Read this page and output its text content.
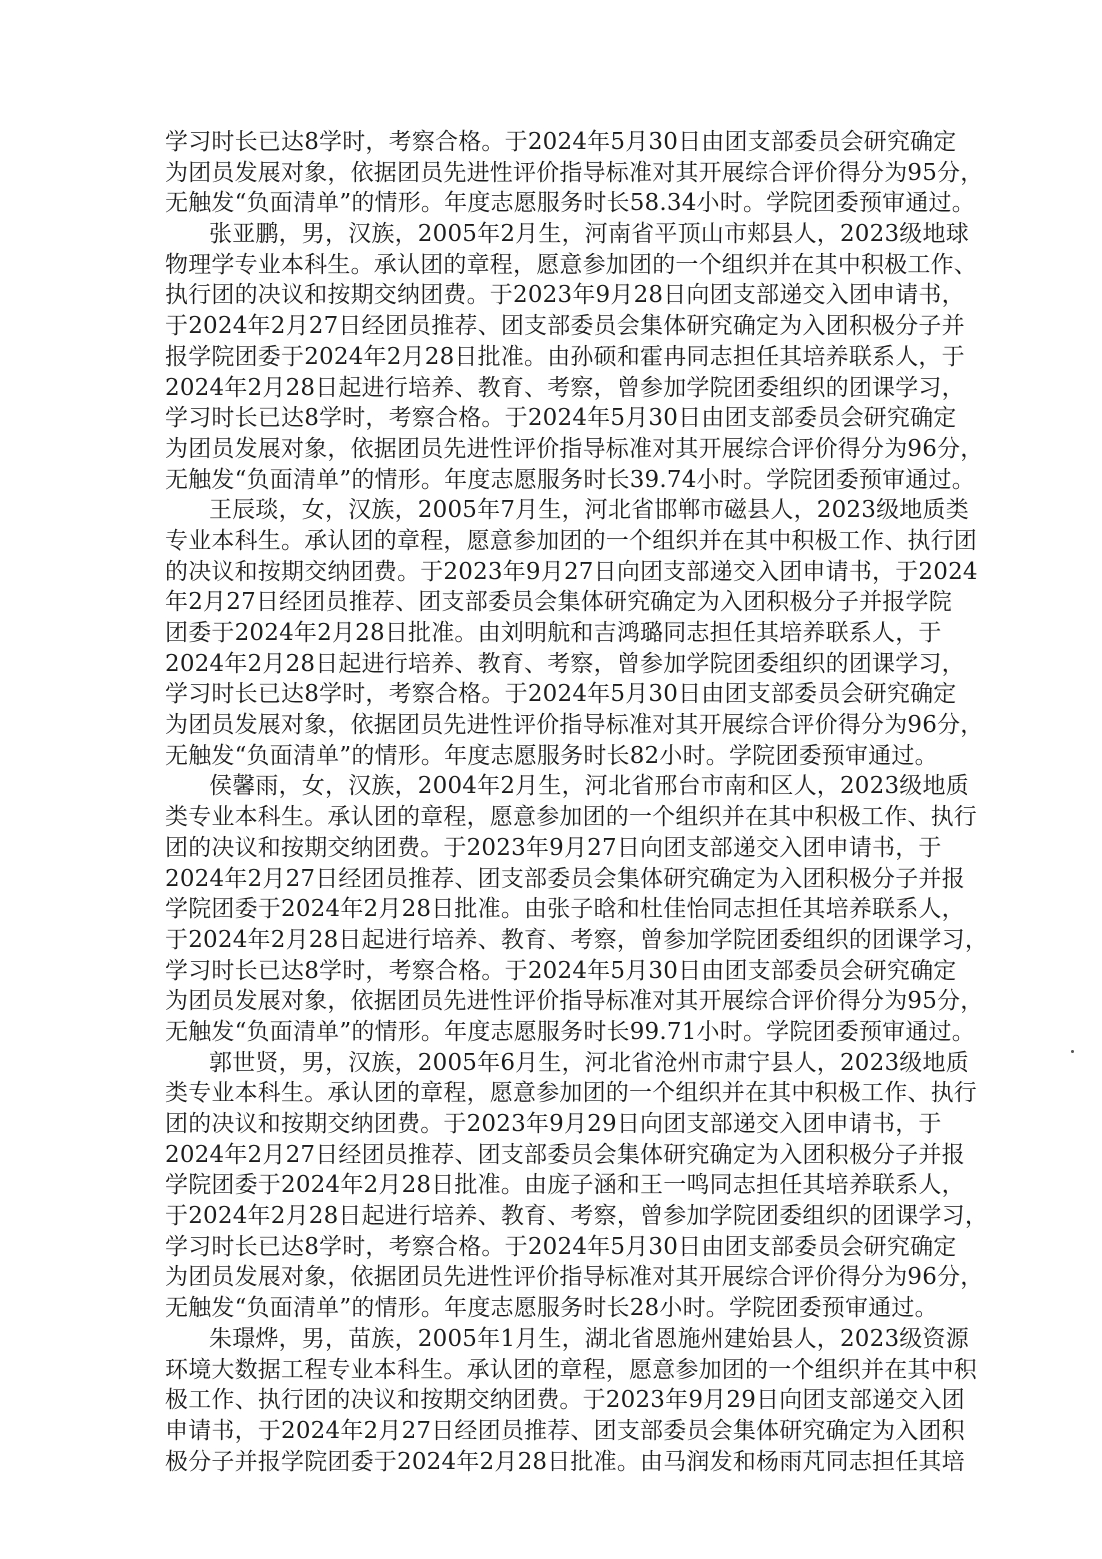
学习时长已达8学时，考察合格。于2024年5月30日由团支部委员会研究确定
为团员发展对象，依据团员先进性评价指导标准对其开展综合评价得分为95分，
无触发“负面清单”的情形。年度志愿服务时长58.34小时。学院团委预审通过。
张亚鹏，男，汉族，2005年2月生，河南省平顶山市郏县人，2023级地球
物理学专业本科生。承认团的章程，愿意参加团的一个组织并在其中积极工作、
执行团的决议和按期交纳团费。于2023年9月28日向团支部递交入团申请书，
于2024年2月27日经团员推荐、团支部委员会集体研究确定为入团积极分子并
报学院团委于2024年2月28日批准。由孙硕和霍冉同志担任其培养联系人，于
2024年2月28日起进行培养、教育、考察，曾参加学院团委组织的团课学习，
学习时长已达8学时，考察合格。于2024年5月30日由团支部委员会研究确定
为团员发展对象，依据团员先进性评价指导标准对其开展综合评价得分为96分，
无触发“负面清单”的情形。年度志愿服务时长39.74小时。学院团委预审通过。
王辰琰，女，汉族，2005年7月生，河北省邯郸市磁县人，2023级地质类
专业本科生。承认团的章程，愿意参加团的一个组织并在其中积极工作、执行团
的决议和按期交纳团费。于2023年9月27日向团支部递交入团申请书，于2024
年2月27日经团员推荐、团支部委员会集体研究确定为入团积极分子并报学院
团委于2024年2月28日批准。由刘明航和吉鸿璐同志担任其培养联系人，于
2024年2月28日起进行培养、教育、考察，曾参加学院团委组织的团课学习，
学习时长已达8学时，考察合格。于2024年5月30日由团支部委员会研究确定
为团员发展对象，依据团员先进性评价指导标准对其开展综合评价得分为96分，
无触发“负面清单”的情形。年度志愿服务时长82小时。学院团委预审通过。
侯馨雨，女，汉族，2004年2月生，河北省邢台市南和区人，2023级地质
类专业本科生。承认团的章程，愿意参加团的一个组织并在其中积极工作、执行
团的决议和按期交纳团费。于2023年9月27日向团支部递交入团申请书，于
2024年2月27日经团员推荐、团支部委员会集体研究确定为入团积极分子并报
学院团委于2024年2月28日批准。由张子晗和杜佳怡同志担任其培养联系人，
于2024年2月28日起进行培养、教育、考察，曾参加学院团委组织的团课学习，
学习时长已达8学时，考察合格。于2024年5月30日由团支部委员会研究确定
为团员发展对象，依据团员先进性评价指导标准对其开展综合评价得分为95分，
无触发“负面清单”的情形。年度志愿服务时长99.71小时。学院团委预审通过。
郭世贤，男，汉族，2005年6月生，河北省沧州市肃宁县人，2023级地质
类专业本科生。承认团的章程，愿意参加团的一个组织并在其中积极工作、执行
团的决议和按期交纳团费。于2023年9月29日向团支部递交入团申请书，于
2024年2月27日经团员推荐、团支部委员会集体研究确定为入团积极分子并报
学院团委于2024年2月28日批准。由庞子涵和王一鸣同志担任其培养联系人，
于2024年2月28日起进行培养、教育、考察，曾参加学院团委组织的团课学习，
学习时长已达8学时，考察合格。于2024年5月30日由团支部委员会研究确定
为团员发展对象，依据团员先进性评价指导标准对其开展综合评价得分为96分，
无触发“负面清单”的情形。年度志愿服务时长28小时。学院团委预审通过。
朱璟烨，男，苗族，2005年1月生，湖北省恩施州建始县人，2023级资源
环境大数据工程专业本科生。承认团的章程，愿意参加团的一个组织并在其中积
极工作、执行团的决议和按期交纳团费。于2023年9月29日向团支部递交入团
申请书，于2024年2月27日经团员推荐、团支部委员会集体研究确定为入团积
极分子并报学院团委于2024年2月28日批准。由马润发和杨雨芃同志担任其培
